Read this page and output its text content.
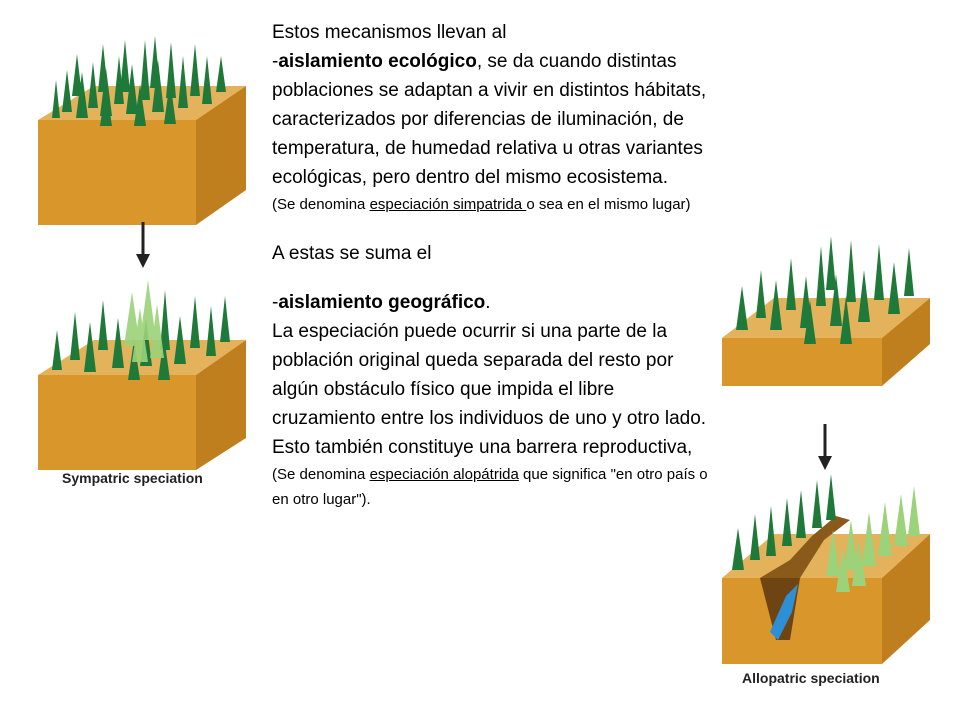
Sympatric speciation
Allopatric speciation

Estos mecanismos llevan al

-aislamiento ecológico, se da cuando distintas poblaciones se adaptan a vivir en distintos hábitats, caracterizados por diferencias de iluminación, de temperatura, de humedad relativa u otras variantes ecológicas, pero dentro del mismo ecosistema.

(Se denomina especiación simpatrida o sea en el mismo lugar)

A estas se suma el

-aislamiento geográfico.

La especiación puede ocurrir si una parte de la población original queda separada del resto por algún obstáculo físico que impida el libre cruzamiento entre los individuos de uno y otro lado. Esto también constituye una barrera reproductiva,

(Se denomina especiación alopátrida que significa "en otro país o en otro lugar").
